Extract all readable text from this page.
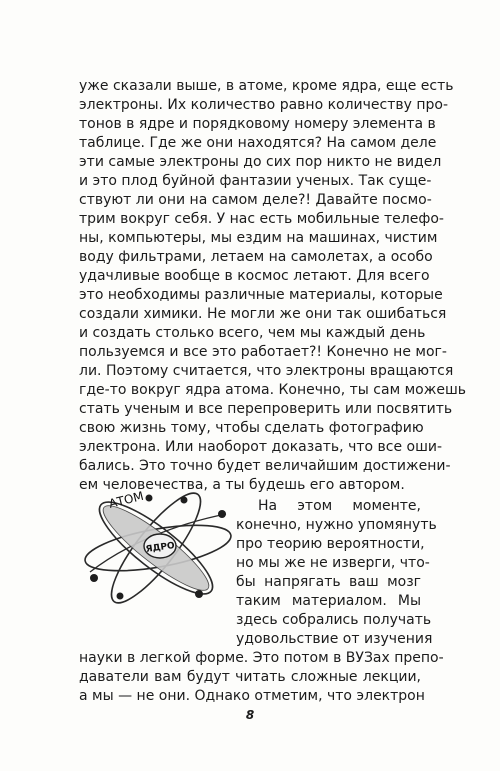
уже сказали выше, в атоме, кроме ядра, еще есть
электроны. Их количество равно количеству про-
тонов в ядре и порядковому номеру элемента в
таблице. Где же они находятся? На самом деле
эти самые электроны до сих пор никто не видел
и это плод буйной фантазии ученых. Так суще-
ствуют ли они на самом деле?! Давайте посмо-
трим вокруг себя. У нас есть мобильные телефо-
ны, компьютеры, мы ездим на машинах, чистим
воду фильтрами, летаем на самолетах, а особо
удачливые вообще в космос летают. Для всего
это необходимы различные материалы, которые
создали химики. Не могли же они так ошибаться
и создать столько всего, чем мы каждый день
пользуемся и все это работает?! Конечно не мог-
ли. Поэтому считается, что электроны вращаются
где-то вокруг ядра атома. Конечно, ты сам можешь
стать ученым и все перепроверить или посвятить
свою жизнь тому, чтобы сделать фотографию
электрона. Или наоборот доказать, что все оши-
бались. Это точно будет величайшим достижени-
ем человечества, а ты будешь его автором.
ЯДРО
АТОМ	На этом моменте,
конечно, нужно упомянуть
про теорию вероятности,
но мы же не изверги, что-
бы напрягать ваш мозг
таким материалом. Мы
здесь собрались получать
удовольствие от изучения
науки в легкой форме. Это потом в ВУЗах препо-
даватели вам будут читать сложные лекции,
а мы — не они. Однако отметим, что электрон
8
